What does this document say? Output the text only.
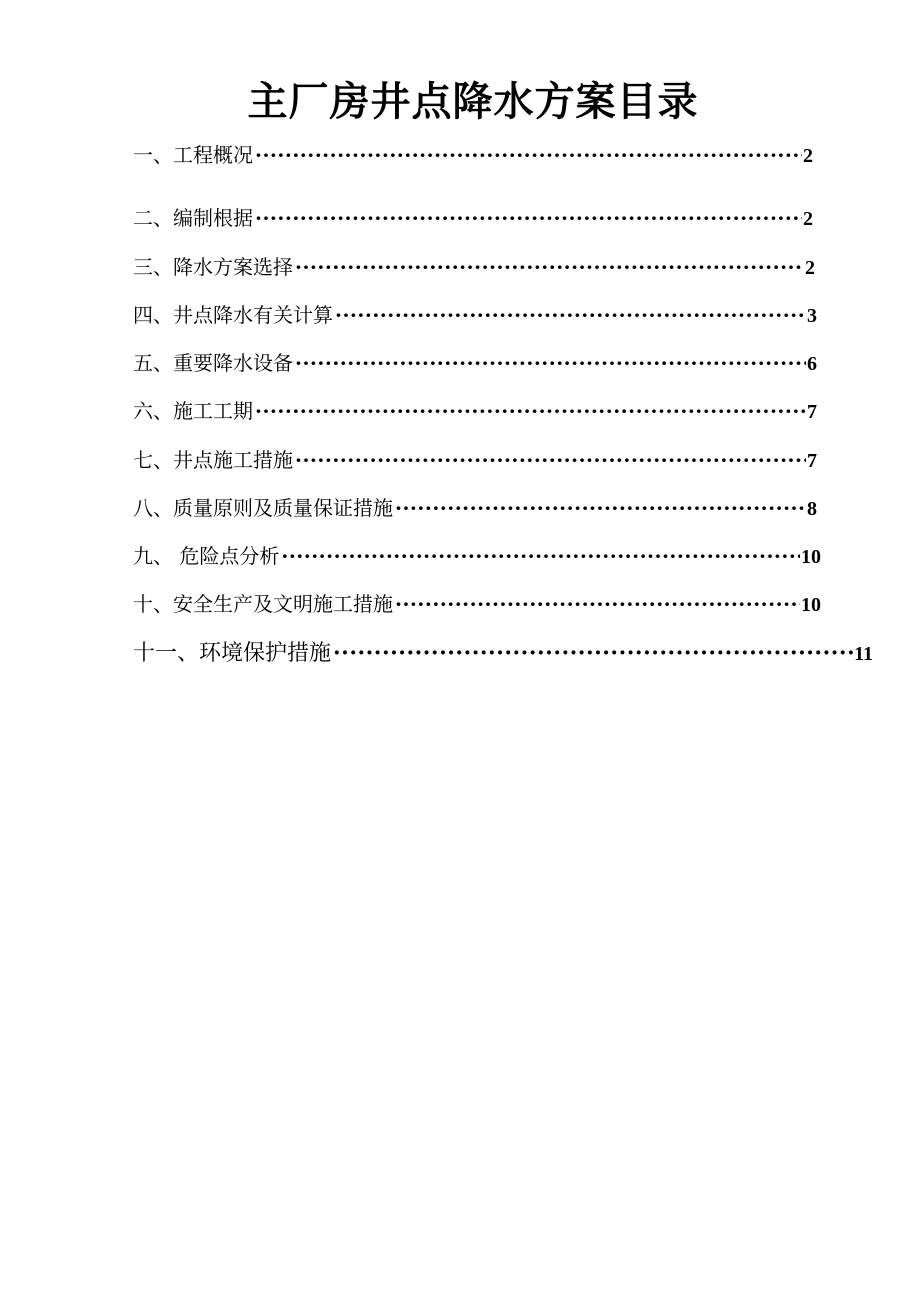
主厂房井点降水方案目录
一、工程概况 ·····	2
二、编制根据 ·····	2
三、降水方案选择 ·····	2
四、井点降水有关计算 ·····	3
五、重要降水设备 ·····	6
六、施工工期 ·····	7
七、井点施工措施 ·····	7
八、质量原则及质量保证措施 ·····	8
九、 危险点分析 ·····	10
十、安全生产及文明施工措施 ·····	10
十一、环境保护措施 ·····	11
